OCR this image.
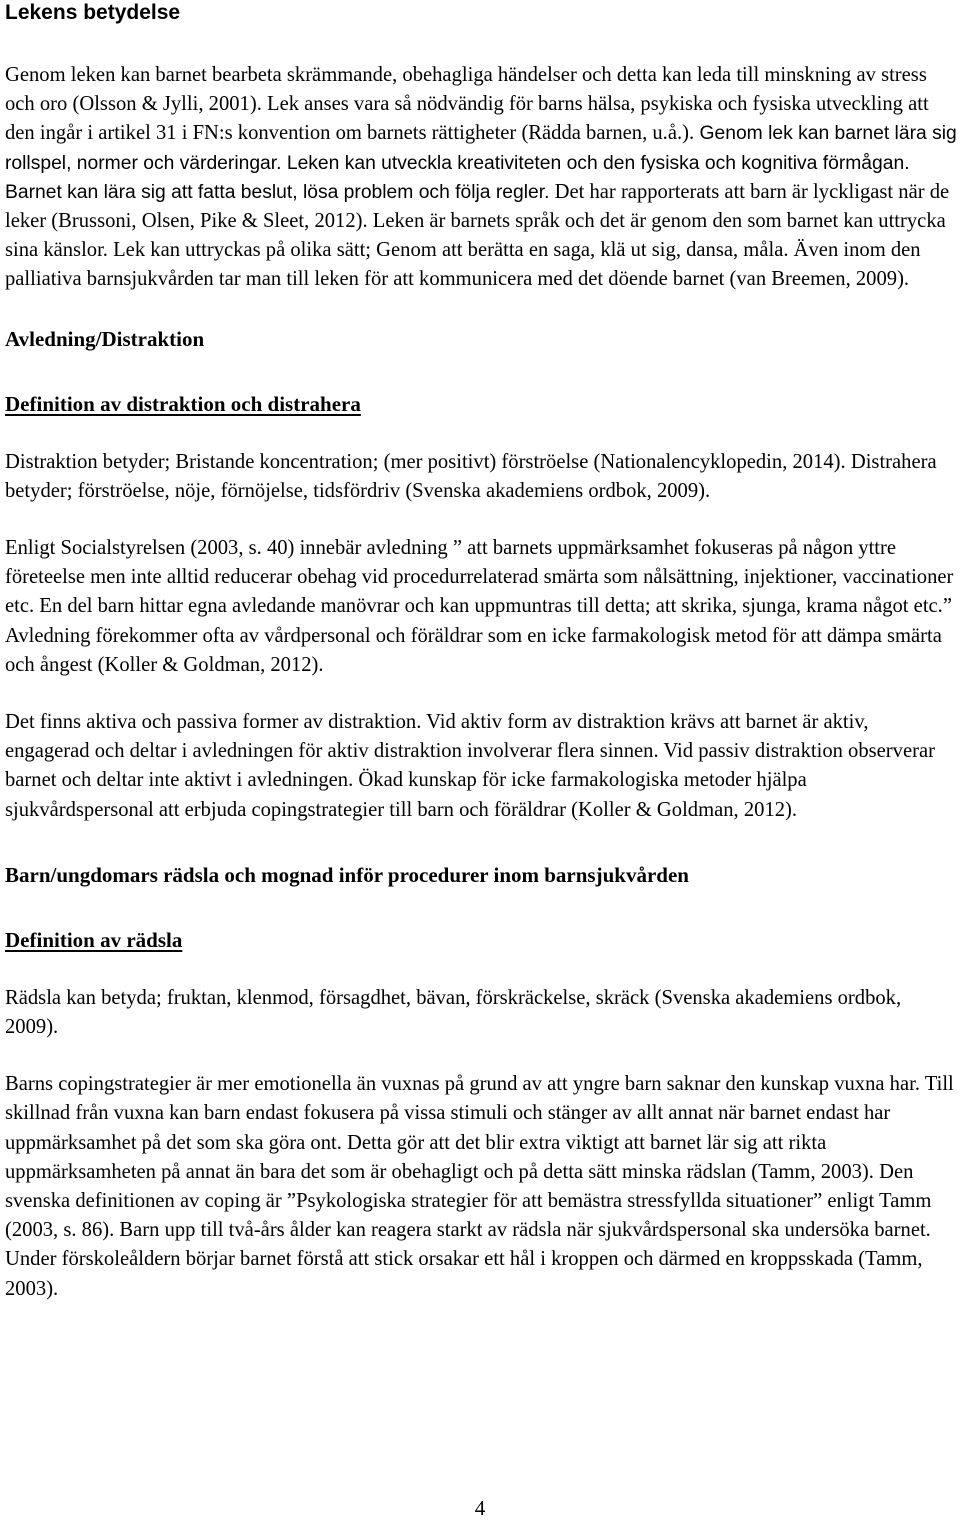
Lekens betydelse

Genom leken kan barnet bearbeta skrämmande, obehagliga händelser och detta kan leda till minskning av stress och oro (Olsson & Jylli, 2001). Lek anses vara så nödvändig för barns hälsa, psykiska och fysiska utveckling att den ingår i artikel 31 i FN:s konvention om barnets rättigheter (Rädda barnen, u.å.). Genom lek kan barnet lära sig rollspel, normer och värderingar. Leken kan utveckla kreativiteten och den fysiska och kognitiva förmågan. Barnet kan lära sig att fatta beslut, lösa problem och följa regler. Det har rapporterats att barn är lyckligast när de leker (Brussoni, Olsen, Pike & Sleet, 2012). Leken är barnets språk och det är genom den som barnet kan uttrycka sina känslor. Lek kan uttryckas på olika sätt; Genom att berätta en saga, klä ut sig, dansa, måla. Även inom den palliativa barnsjukvården tar man till leken för att kommunicera med det döende barnet (van Breemen, 2009).

Avledning/Distraktion
Definition av distraktion och distrahera

Distraktion betyder; Bristande koncentration; (mer positivt) förströelse (Nationalencyklopedin, 2014). Distrahera betyder; förströelse, nöje, förnöjelse, tidsfördriv (Svenska akademiens ordbok, 2009).

Enligt Socialstyrelsen (2003, s. 40) innebär avledning ” att barnets uppmärksamhet fokuseras på någon yttre företeelse men inte alltid reducerar obehag vid procedurrelaterad smärta som nålsättning, injektioner, vaccinationer etc. En del barn hittar egna avledande manövrar och kan uppmuntras till detta; att skrika, sjunga, krama något etc.” Avledning förekommer ofta av vårdpersonal och föräldrar som en icke farmakologisk metod för att dämpa smärta och ångest (Koller & Goldman, 2012).

Det finns aktiva och passiva former av distraktion. Vid aktiv form av distraktion krävs att barnet är aktiv, engagerad och deltar i avledningen för aktiv distraktion involverar flera sinnen. Vid passiv distraktion observerar barnet och deltar inte aktivt i avledningen. Ökad kunskap för icke farmakologiska metoder hjälpa sjukvårdspersonal att erbjuda copingstrategier till barn och föräldrar (Koller & Goldman, 2012).

Barn/ungdomars rädsla och mognad inför procedurer inom barnsjukvården
Definition av rädsla

Rädsla kan betyda; fruktan, klenmod, försagdhet, bävan, förskräckelse, skräck (Svenska akademiens ordbok, 2009).

Barns copingstrategier är mer emotionella än vuxnas på grund av att yngre barn saknar den kunskap vuxna har. Till skillnad från vuxna kan barn endast fokusera på vissa stimuli och stänger av allt annat när barnet endast har uppmärksamhet på det som ska göra ont. Detta gör att det blir extra viktigt att barnet lär sig att rikta uppmärksamheten på annat än bara det som är obehagligt och på detta sätt minska rädslan (Tamm, 2003). Den svenska definitionen av coping är ”Psykologiska strategier för att bemästra stressfyllda situationer” enligt Tamm (2003, s. 86). Barn upp till två-års ålder kan reagera starkt av rädsla när sjukvårdspersonal ska undersöka barnet. Under förskoleåldern börjar barnet förstå att stick orsakar ett hål i kroppen och därmed en kroppsskada (Tamm, 2003).

4
